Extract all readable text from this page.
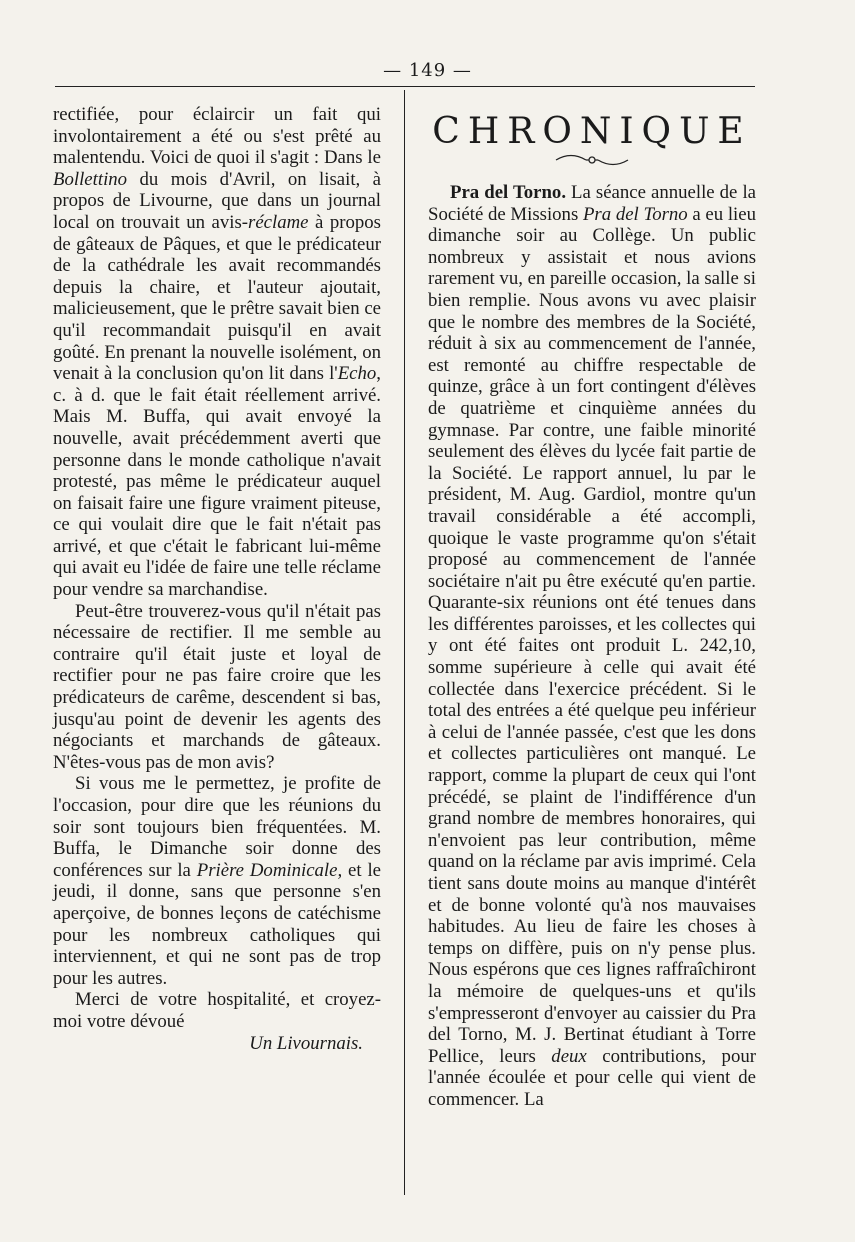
— 149 —

rectifiée, pour éclaircir un fait qui involontairement a été ou s'est prêté au malentendu. Voici de quoi il s'agit : Dans le Bollettino du mois d'Avril, on lisait, à propos de Livourne, que dans un journal local on trouvait un avis-réclame à propos de gâteaux de Pâques, et que le prédicateur de la cathédrale les avait recommandés depuis la chaire, et l'auteur ajoutait, malicieusement, que le prêtre savait bien ce qu'il recommandait puisqu'il en avait goûté. En prenant la nouvelle isolément, on venait à la conclusion qu'on lit dans l'Echo, c. à d. que le fait était réellement arrivé. Mais M. Buffa, qui avait envoyé la nouvelle, avait précédemment averti que personne dans le monde catholique n'avait protesté, pas même le prédicateur auquel on faisait faire une figure vraiment piteuse, ce qui voulait dire que le fait n'était pas arrivé, et que c'était le fabricant lui-même qui avait eu l'idée de faire une telle réclame pour vendre sa marchandise.

Peut-être trouverez-vous qu'il n'était pas nécessaire de rectifier. Il me semble au contraire qu'il était juste et loyal de rectifier pour ne pas faire croire que les prédicateurs de carême, descendent si bas, jusqu'au point de devenir les agents des négociants et marchands de gâteaux. N'êtes-vous pas de mon avis?

Si vous me le permettez, je profite de l'occasion, pour dire que les réunions du soir sont toujours bien fréquentées. M. Buffa, le Dimanche soir donne des conférences sur la Prière Dominicale, et le jeudi, il donne, sans que personne s'en aperçoive, de bonnes leçons de catéchisme pour les nombreux catholiques qui interviennent, et qui ne sont pas de trop pour les autres.

Merci de votre hospitalité, et croyez-moi votre dévoué

Un Livournais.

CHRONIQUE

Pra del Torno. La séance annuelle de la Société de Missions Pra del Torno a eu lieu dimanche soir au Collège. Un public nombreux y assistait et nous avions rarement vu, en pareille occasion, la salle si bien remplie. Nous avons vu avec plaisir que le nombre des membres de la Société, réduit à six au commencement de l'année, est remonté au chiffre respectable de quinze, grâce à un fort contingent d'élèves de quatrième et cinquième années du gymnase. Par contre, une faible minorité seulement des élèves du lycée fait partie de la Société. Le rapport annuel, lu par le président, M. Aug. Gardiol, montre qu'un travail considérable a été accompli, quoique le vaste programme qu'on s'était proposé au commencement de l'année sociétaire n'ait pu être exécuté qu'en partie. Quarante-six réunions ont été tenues dans les différentes paroisses, et les collectes qui y ont été faites ont produit L. 242,10, somme supérieure à celle qui avait été collectée dans l'exercice précédent. Si le total des entrées a été quelque peu inférieur à celui de l'année passée, c'est que les dons et collectes particulières ont manqué. Le rapport, comme la plupart de ceux qui l'ont précédé, se plaint de l'indifférence d'un grand nombre de membres honoraires, qui n'envoient pas leur contribution, même quand on la réclame par avis imprimé. Cela tient sans doute moins au manque d'intérêt et de bonne volonté qu'à nos mauvaises habitudes. Au lieu de faire les choses à temps on diffère, puis on n'y pense plus. Nous espérons que ces lignes raffraîchiront la mémoire de quelques-uns et qu'ils s'empresseront d'envoyer au caissier du Pra del Torno, M. J. Bertinat étudiant à Torre Pellice, leurs deux contributions, pour l'année écoulée et pour celle qui vient de commencer. La
